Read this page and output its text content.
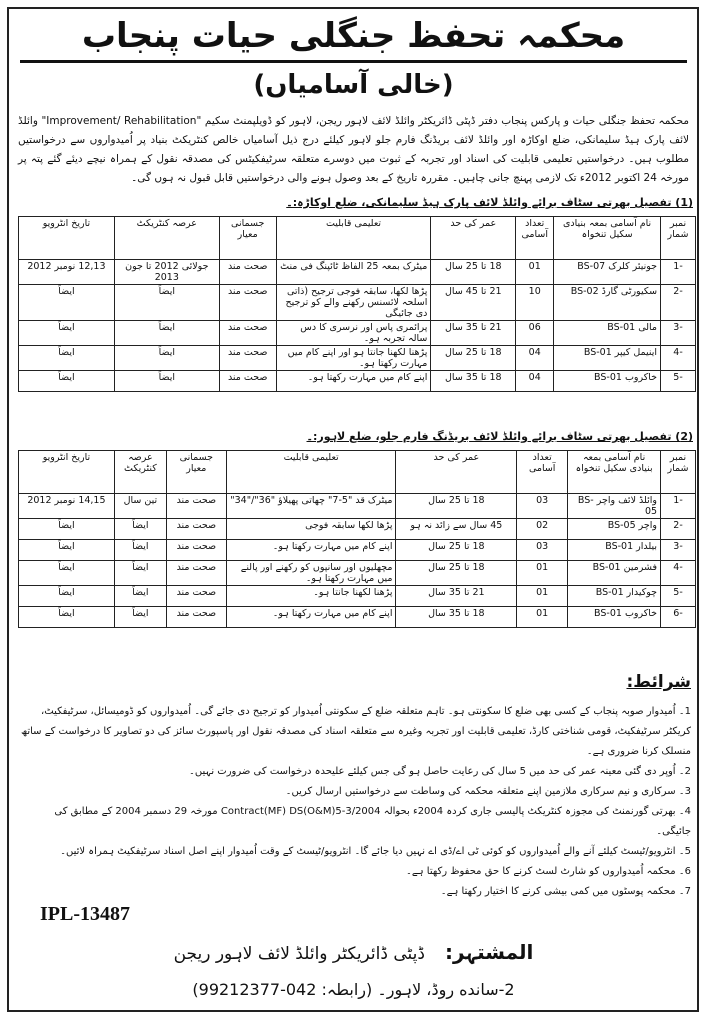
محکمہ تحفظ جنگلی حیات پنجاب
(خالی آسامیاں)
محکمہ تحفظ جنگلی حیات و پارکس پنجاب دفتر ڈپٹی ڈائریکٹر وائلڈ لائف لاہور ریجن، لاہور کو ڈویلپمنٹ سکیم "Improvement/ Rehabilitation" وائلڈ لائف پارک ہیڈ سلیمانکی، ضلع اوکاڑہ اور وائلڈ لائف بریڈنگ فارم جلو لاہور کیلئے درج ذیل آسامیاں خالص کنٹریکٹ بنیاد پر اُمیدواروں سے درخواستیں مطلوب ہیں۔ درخواستیں تعلیمی قابلیت کی اسناد اور تجربہ کے ثبوت میں دوسرے متعلقہ سرٹیفکیٹس کی مصدقہ نقول کے ہمراہ نیچے دیئے گئے پتہ پر مورخہ 24 اکتوبر 2012ء تک لازمی پہنچ جانی چاہیں۔ مقررہ تاریخ کے بعد وصول ہونے والی درخواستیں قابل قبول نہ ہوں گی۔
(1) تفصیل بھرتی سٹاف برائے وائلڈ لائف پارک ہیڈ سلیمانکی، ضلع اوکاڑہ:۔
نمبر شمار	نام آسامی بمعہ بنیادی سکیل تنخواہ	تعداد آسامی	عمر کی حد	تعلیمی قابلیت	جسمانی معیار	عرصہ کنٹریکٹ	تاریخ انٹرویو
-1	جونیئر کلرک BS-07	01	18 تا 25 سال	میٹرک بمعہ 25 الفاظ ٹائپنگ فی منٹ	صحت مند	جولائی 2012 تا جون 2013	12,13 نومبر 2012
-2	سکیورٹی گارڈ BS-02	10	21 تا 45 سال	پڑھا لکھا، سابقہ فوجی ترجیح (ذاتی اسلحہ لائسنس رکھنے والے کو ترجیح دی جائیگی	صحت مند	ایضاً	ایضاً
-3	مالی BS-01	06	21 تا 35 سال	پرائمری پاس اور نرسری کا دس سالہ تجربہ ہو۔	صحت مند	ایضاً	ایضاً
-4	اینیمل کیپر BS-01	04	18 تا 25 سال	پڑھنا لکھنا جانتا ہو اور اپنے کام میں مہارت رکھتا ہو۔	صحت مند	ایضاً	ایضاً
-5	خاکروب BS-01	04	18 تا 35 سال	اپنے کام میں مہارت رکھتا ہو۔	صحت مند	ایضاً	ایضاً
(2) تفصیل بھرتی سٹاف برائے وائلڈ لائف بریڈنگ فارم جلو، ضلع لاہور:۔
نمبر شمار	نام آسامی بمعہ بنیادی سکیل تنخواہ	تعداد آسامی	عمر کی حد	تعلیمی قابلیت	جسمانی معیار	عرصہ کنٹریکٹ	تاریخ انٹرویو
-1	وائلڈ لائف واچر BS-05	03	18 تا 25 سال	میٹرک قد "5-7" چھاتی پھیلاؤ "36"/"34"	صحت مند	تین سال	14,15 نومبر 2012
-2	واچر BS-05	02	45 سال سے زائد نہ ہو	پڑھا لکھا سابقہ فوجی	صحت مند	ایضاً	ایضاً
-3	بیلدار BS-01	03	18 تا 25 سال	اپنے کام میں مہارت رکھتا ہو۔	صحت مند	ایضاً	ایضاً
-4	فشرمین BS-01	01	18 تا 25 سال	مچھلیوں اور سانپوں کو رکھنے اور پالنے میں مہارت رکھتا ہو۔	صحت مند	ایضاً	ایضاً
-5	چوکیدار BS-01	01	21 تا 35 سال	پڑھنا لکھنا جانتا ہو۔	صحت مند	ایضاً	ایضاً
-6	خاکروب BS-01	01	18 تا 35 سال	اپنے کام میں مہارت رکھتا ہو۔	صحت مند	ایضاً	ایضاً
شرائط:
1۔ اُمیدوار صوبہ پنجاب کے کسی بھی ضلع کا سکونتی ہو۔ تاہم متعلقہ ضلع کے سکونتی اُمیدوار کو ترجیح دی جائے گی۔ اُمیدواروں کو ڈومیسائل، سرٹیفکیٹ، کریکٹر سرٹیفکیٹ، قومی شناختی کارڈ، تعلیمی قابلیت اور تجربہ وغیرہ سے متعلقہ اسناد کی مصدقہ نقول اور پاسپورٹ سائز کی دو تصاویر کا درخواست کے ساتھ منسلک کرنا ضروری ہے۔
2۔ اُوپر دی گئی معینہ عمر کی حد میں 5 سال کی رعایت حاصل ہو گی جس کیلئے علیحدہ درخواست کی ضرورت نہیں۔
3۔ سرکاری و نیم سرکاری ملازمین اپنے متعلقہ محکمہ کی وساطت سے درخواستیں ارسال کریں۔
4۔ بھرتی گورنمنٹ کی مجوزہ کنٹریکٹ پالیسی جاری کردہ 2004ء بحوالہ Contract(MF) DS(O&M)5-3/2004 مورخہ 29 دسمبر 2004 کے مطابق کی جائیگی۔
5۔ انٹرویو/ٹیسٹ کیلئے آنے والے اُمیدواروں کو کوئی ٹی اے/ڈی اے نہیں دیا جائے گا۔ انٹرویو/ٹیسٹ کے وقت اُمیدوار اپنے اصل اسناد سرٹیفکیٹ ہمراہ لائیں۔
6۔ محکمہ اُمیدواروں کو شارٹ لسٹ کرنے کا حق محفوظ رکھتا ہے۔
7۔ محکمہ پوسٹوں میں کمی بیشی کرنے کا اختیار رکھتا ہے۔
IPL-13487
المشتہر:ڈپٹی ڈائریکٹر وائلڈ لائف لاہور ریجن
2-سانده روڈ، لاہور۔ (رابطہ: 042-99212377)
